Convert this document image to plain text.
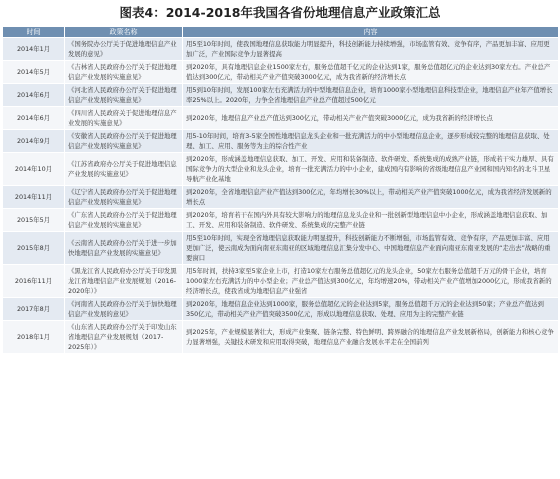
图表4：2014-2018年我国各省份地理信息产业政策汇总
时间	政策名称	内容
2014年1月	《国务院办公厅关于促进地理信息产业发展的意见》	用5至10年时间，使我国地理信息获取能力明显提升，科技创新能力持续增强，市场监管有效、竞争有序，产品更加丰富、应用更加广泛，产业国际竞争力显著提高
2014年5月	《吉林省人民政府办公厅关于促进地理信息产业发展的实施意见》	到2020年，具有地理信息企业1500家左右，服务总值超千亿元的企业达到1家，服务总值超亿元的企业达到30家左右。产业总产值达到300亿元，带动相关产业产值突破3000亿元，成为我省新的经济增长点
2014年6月	《河北省人民政府办公厅关于促进地理信息产业发展的实施意见》	用5到10年时间，发展100家左右充满活力的中型地理信息企业，培育1000家小型地理信息科技型企业，地理信息产业年产值增长率25%以上。2020年，力争全省地理信息产业总产值超过500亿元
2014年6月	《四川省人民政府关于促进地理信息产业发展的实施意见》	到2020年，地理信息产业总产值达到300亿元，带动相关产业产值突破3000亿元，成为我省新的经济增长点
2014年9月	《安徽省人民政府办公厅关于促进地理信息产业发展的实施意见》	用5-10年时间，培育3-5家全国性地理信息龙头企业和一批充满活力的中小型地理信息企业，逐步形成较完整的地理信息获取、处理、加工、应用、服务等为主的综合性产业
2014年10月	《江苏省政府办公厅关于促进地理信息产业发展的实施意见》	到2020年，形成涵盖地理信息获取、加工、开发、应用和装备制造、软件研发、系统集成的成熟产业链，形成若干实力雄厚、具有国际竞争力的大型企业和龙头企业，培育一批充满活力的中小企业，建成国内有影响的省级地理信息产业园和国内知名的北斗卫星导航产业化基地
2014年11月	《辽宁省人民政府办公厅关于促进地理信息产业发展的实施意见》	到2020年，全省地理信息产业产值达到300亿元，年均增长30%以上，带动相关产业产值突破1000亿元，成为我省经济发展新的增长点
2015年5月	《广东省人民政府办公厅关于促进地理信息产业发展的实施意见》	到2020年，培育若干在国内外具有较大影响力的地理信息龙头企业和一批创新型地理信息中小企业，形成涵盖地理信息获取、加工、开发、应用和装备制造、软件研发、系统集成的完整产业链
2015年8月	《云南省人民政府办公厅关于进一步加快地理信息产业发展的实施意见》	用5至10年时间，实现全省地理信息获取能力明显提升，科技创新能力不断增强，市场监管有效、竞争有序，产品更加丰富、应用更加广泛，使云南成为面向南亚东南亚的区域地理信息汇集分发中心、中国地理信息产业面向南亚东南亚发展的“走出去”战略的重要窗口
2016年11月	《黑龙江省人民政府办公厅关于印发黑龙江省地理信息产业发展规划（2016-2020年）》	用5年时间，扶持3家至5家企业上市，打造10家左右服务总值超亿元的龙头企业，50家左右服务总值超千万元的骨干企业，培育1000家左右充满活力的中小型企业；产业总产值达到300亿元，年均增速20%，带动相关产业产值增加2000亿元，形成我省新的经济增长点，使我省成为地理信息产业强省
2017年8月	《河南省人民政府办公厅关于加快地理信息产业发展的意见》	到2020年，地理信息企业达到1000家，服务总值超亿元的企业达到5家，服务总值超千万元的企业达到50家；产业总产值达到350亿元，带动相关产业产值突破3500亿元，形成以地理信息获取、处理、应用为主的完整产业链
2018年1月	《山东省人民政府办公厅关于印发山东省地理信息产业发展规划（2017-2025年）》	到2025年，产业规模显著壮大，形成产业集聚、链条完整、特色鲜明、跨界融合的地理信息产业发展新格局，创新能力和核心竞争力显著增强，关键技术研发和应用取得突破，地理信息产业融合发展水平走在全国前列
